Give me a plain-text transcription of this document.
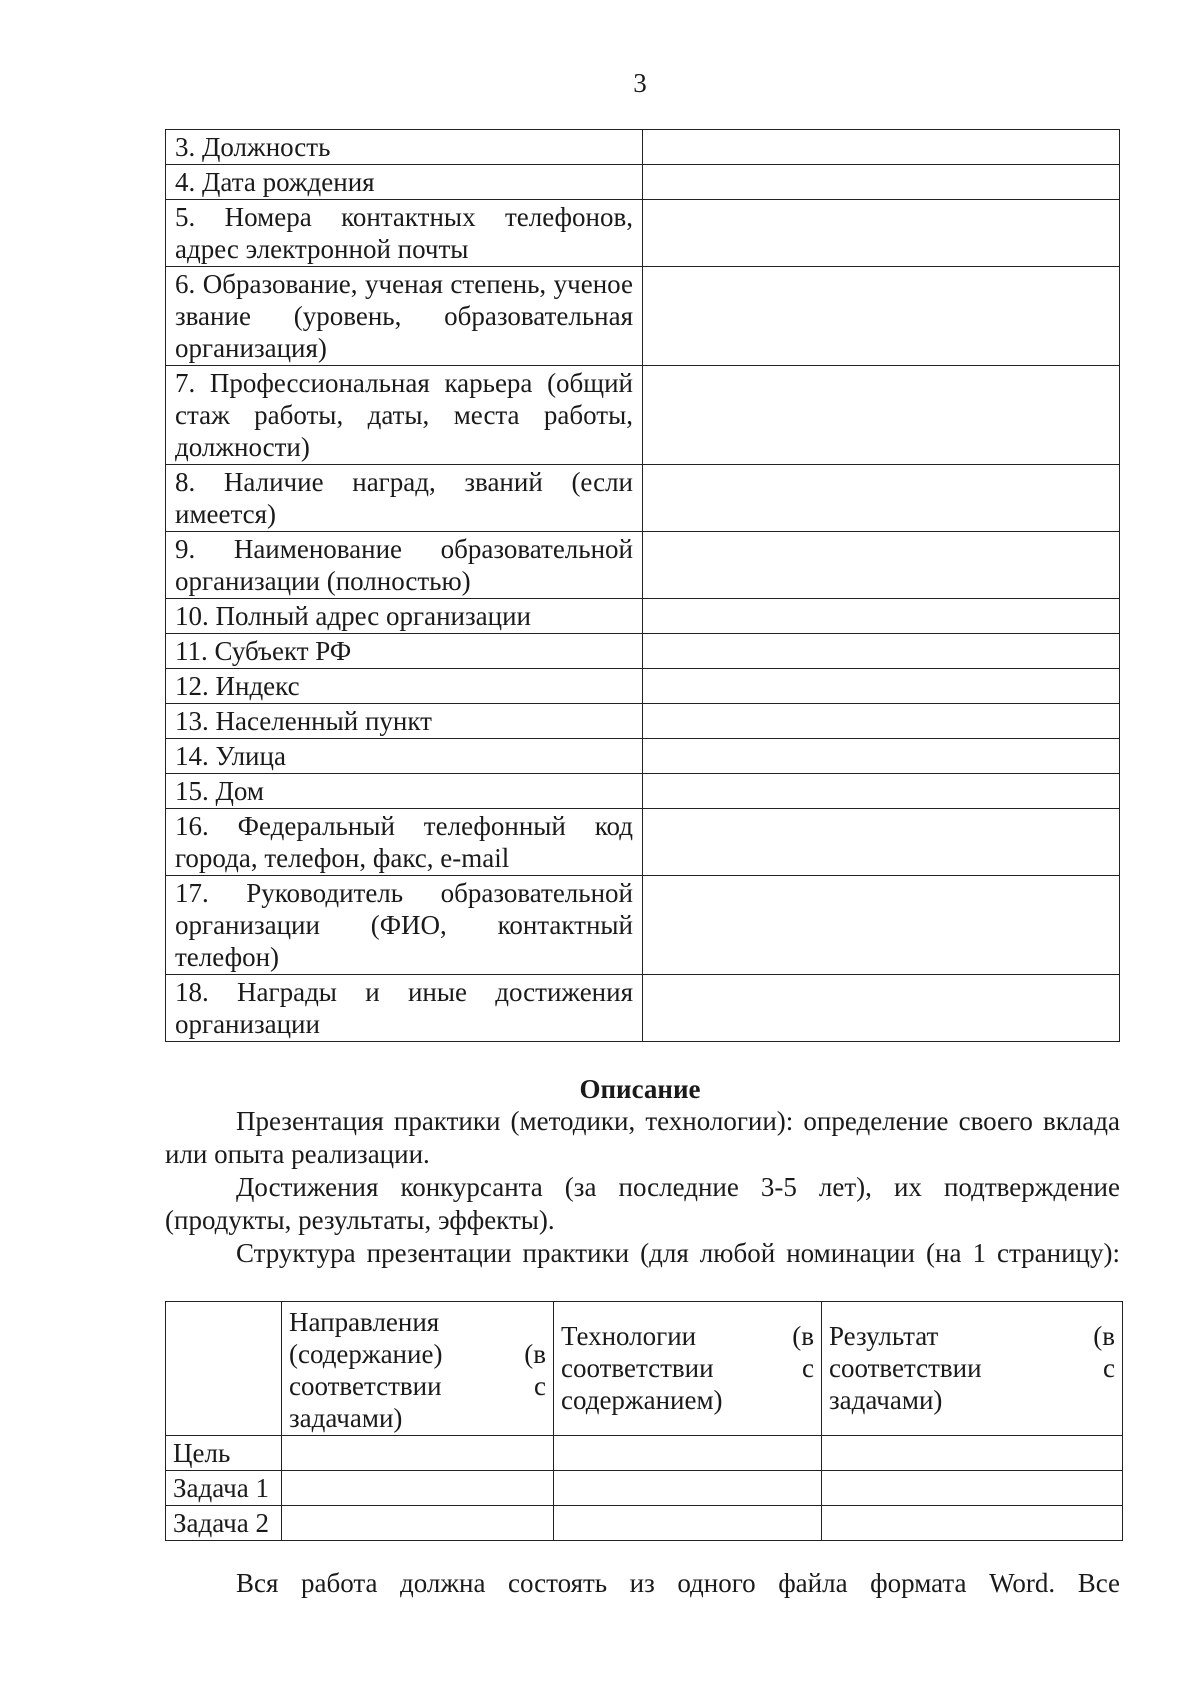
3
3. Должность	
4. Дата рождения	
5. Номера контактных телефонов, адрес электронной почты	
6. Образование, ученая степень, ученое звание (уровень, образовательная организация)	
7. Профессиональная карьера (общий стаж работы, даты, места работы, должности)	
8. Наличие наград, званий (если имеется)	
9. Наименование образовательной организации (полностью)	
10. Полный адрес организации	
11. Субъект РФ	
12. Индекс	
13. Населенный пункт	
14. Улица	
15. Дом	
16. Федеральный телефонный код города, телефон, факс, e-mail	
17. Руководитель образовательной организации (ФИО, контактный телефон)	
18. Награды и иные достижения организации	
Описание

Презентация практики (методики, технологии): определение своего вклада или опыта реализации.

Достижения конкурсанта (за последние 3-5 лет), их подтверждение (продукты, результаты, эффекты).

Структура презентации практики (для любой номинации (на 1 страницу):

	Направления (содержание) (в соответствии с задачами)	Технологии (в соответствии с содержанием)	Результат (в соответствии с задачами)
Цель			
Задача 1			
Задача 2			

Вся работа должна состоять из одного файла формата Word. Все
